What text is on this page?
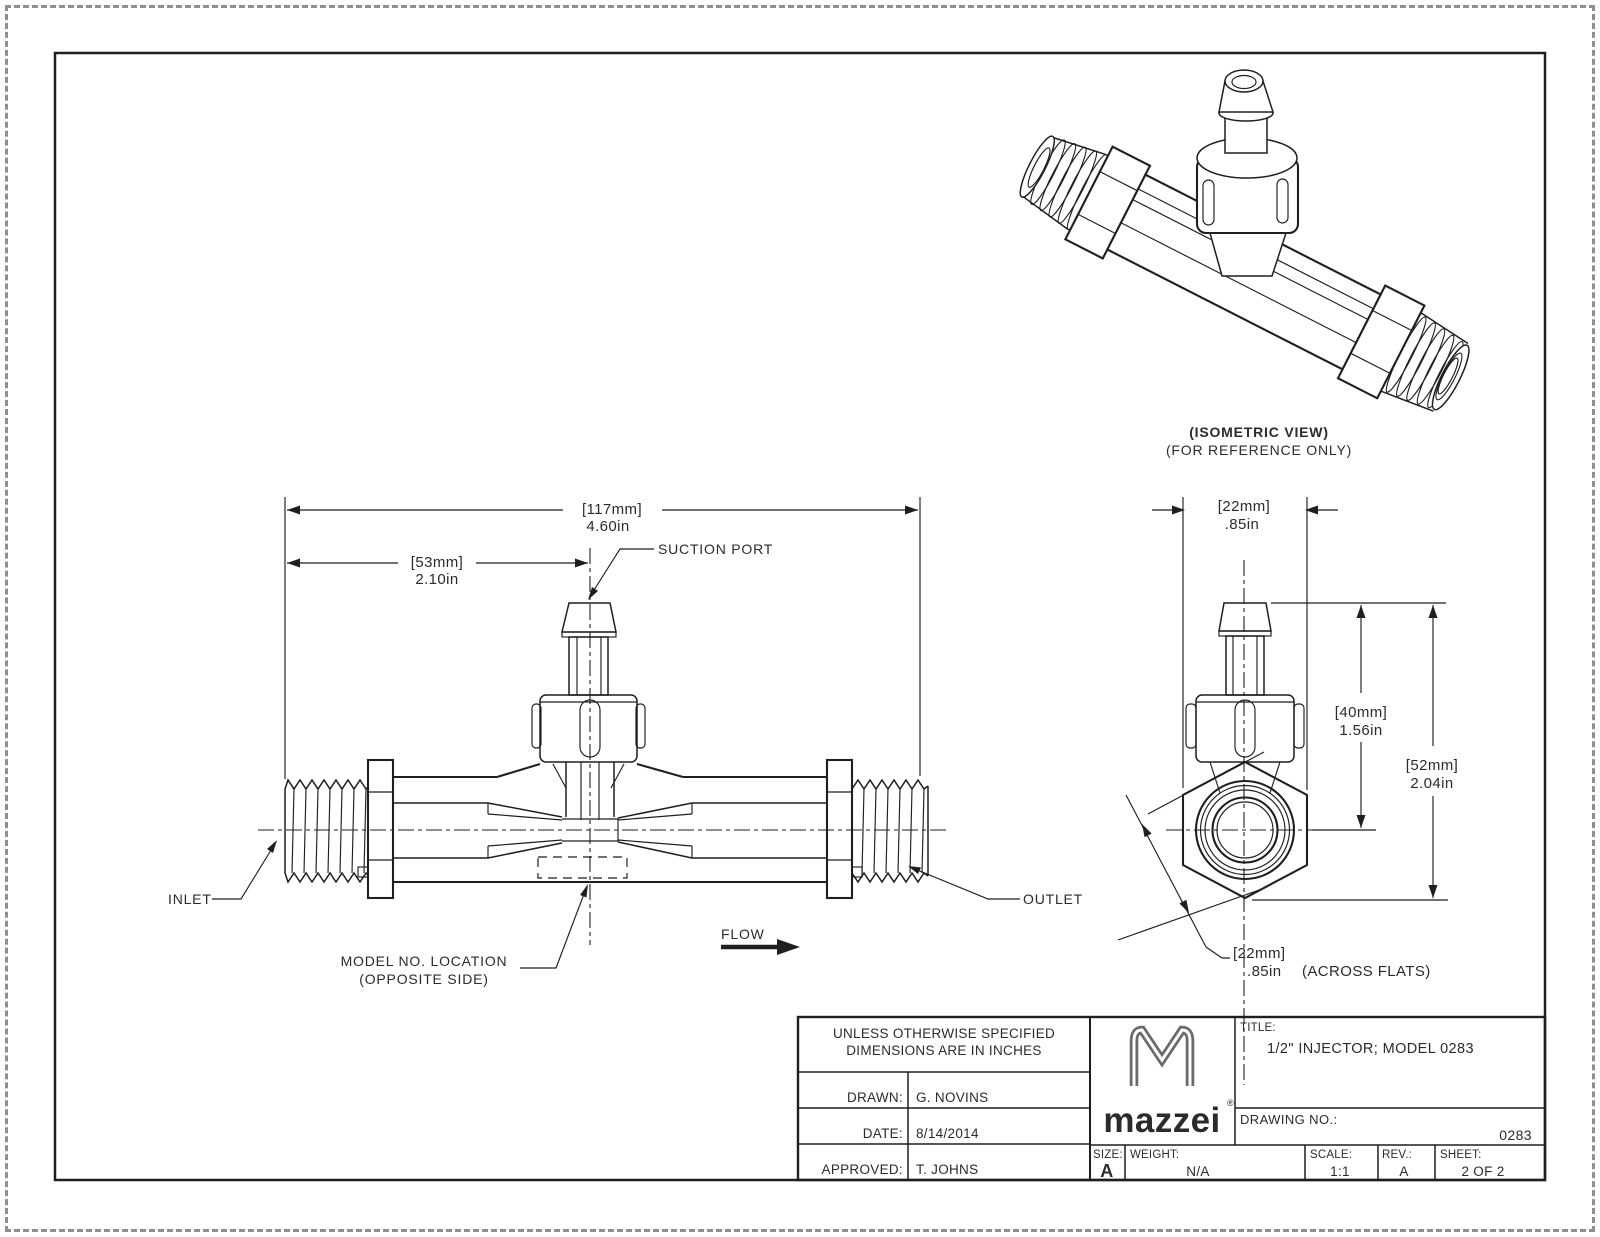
(ISOMETRIC VIEW)
(FOR REFERENCE ONLY)
[117mm]
4.60in
[53mm]
2.10in
SUCTION PORT
INLET	OUTLET
MODEL NO. LOCATION
(OPPOSITE SIDE)
FLOW
[22mm]
.85in
[40mm]
1.56in
[52mm]
2.04in
[22mm]
.85in (ACROSS FLATS)
UNLESS OTHERWISE SPECIFIED
DIMENSIONS ARE IN INCHES
DRAWN: G. NOVINS
DATE: 8/14/2014
APPROVED: T. JOHNS
mazzei ®
TITLE:
1/2" INJECTOR; MODEL 0283
DRAWING NO.:
0283
SIZE:
A
WEIGHT:
N/A
SCALE:
1:1
REV.:
A
SHEET:
2 OF 2
